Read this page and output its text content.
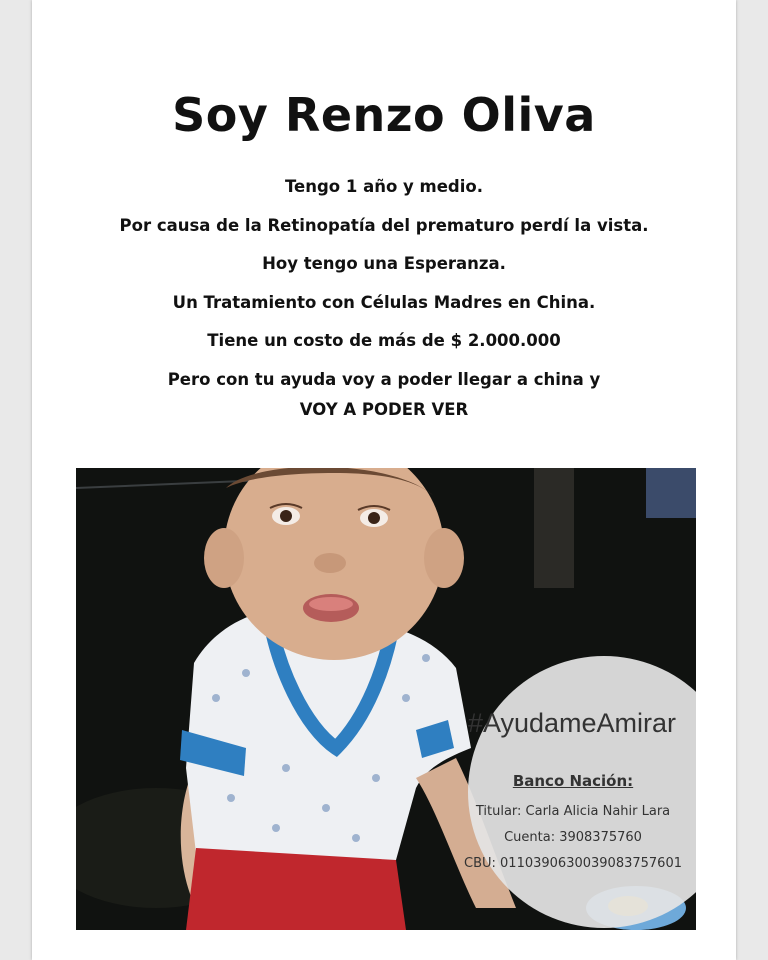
Soy Renzo Oliva
Tengo 1 año y medio.
Por causa de la Retinopatía del prematuro perdí la vista.
Hoy tengo una Esperanza.
Un Tratamiento con Células Madres en China.
Tiene un costo de más de $ 2.000.000
Pero con tu ayuda voy a poder llegar a china y
VOY A PODER VER
#AyudameAmirar
Banco Nación:
Titular: Carla Alicia Nahir Lara
Cuenta: 3908375760
CBU: 0110390630039083757601
